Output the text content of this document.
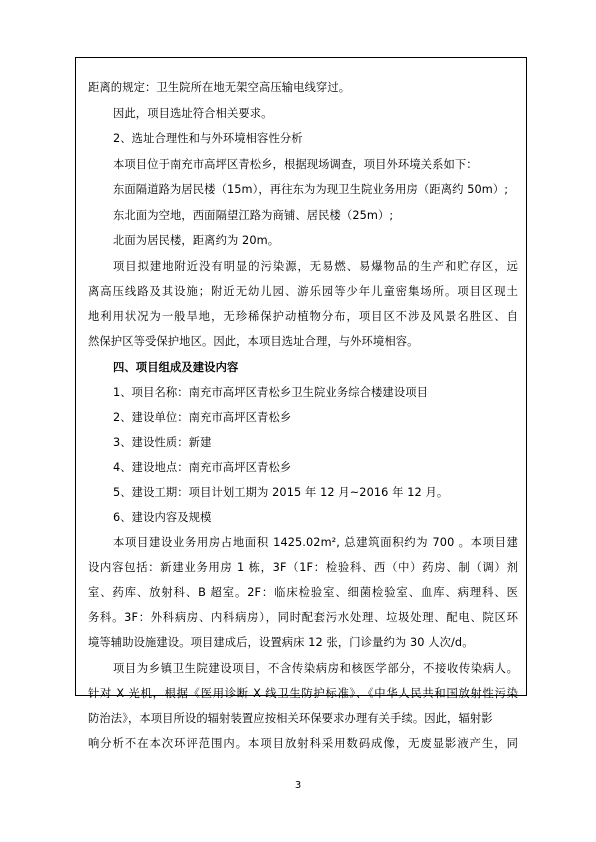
距离的规定：卫生院所在地无架空高压输电线穿过。
因此，项目选址符合相关要求。
2、选址合理性和与外环境相容性分析
本项目位于南充市高坪区青松乡，根据现场调查，项目外环境关系如下：
东面隔道路为居民楼（15m），再往东为为现卫生院业务用房（距离约 50m）;
东北面为空地，西面隔望江路为商铺、居民楼（25m）;
北面为居民楼，距离约为 20m。
项目拟建地附近没有明显的污染源，无易燃、易爆物品的生产和贮存区，远
离高压线路及其设施；附近无幼儿园、游乐园等少年儿童密集场所。项目区现土
地利用状况为一般旱地，无珍稀保护动植物分布，项目区不涉及风景名胜区、自
然保护区等受保护地区。因此，本项目选址合理，与外环境相容。
四、项目组成及建设内容
1、项目名称：南充市高坪区青松乡卫生院业务综合楼建设项目
2、建设单位：南充市高坪区青松乡
3、建设性质：新建
4、建设地点：南充市高坪区青松乡
5、建设工期：项目计划工期为 2015 年 12 月~2016 年 12 月。
6、建设内容及规模
本项目建设业务用房占地面积 1425.02m², 总建筑面积约为 700 。本项目建
设内容包括：新建业务用房 1 栋，3F（1F：检验科、西（中）药房、制（调）剂
室、药库、放射科、B 超室。2F：临床检验室、细菌检验室、血库、病理科、医
务科。3F：外科病房、内科病房），同时配套污水处理、垃圾处理、配电、院区环
境等辅助设施建设。项目建成后，设置病床 12 张，门诊量约为 30 人次/d。
项目为乡镇卫生院建设项目，不含传染病房和核医学部分，不接收传染病人。
针对 X 光机，根据《医用诊断 X 线卫生防护标准》、《中华人民共和国放射性污染
防治法》，本项目所设的辐射装置应按相关环保要求办理有关手续。因此，辐射影
响分析不在本次环评范围内。本项目放射科采用数码成像，无废显影液产生，同
3
